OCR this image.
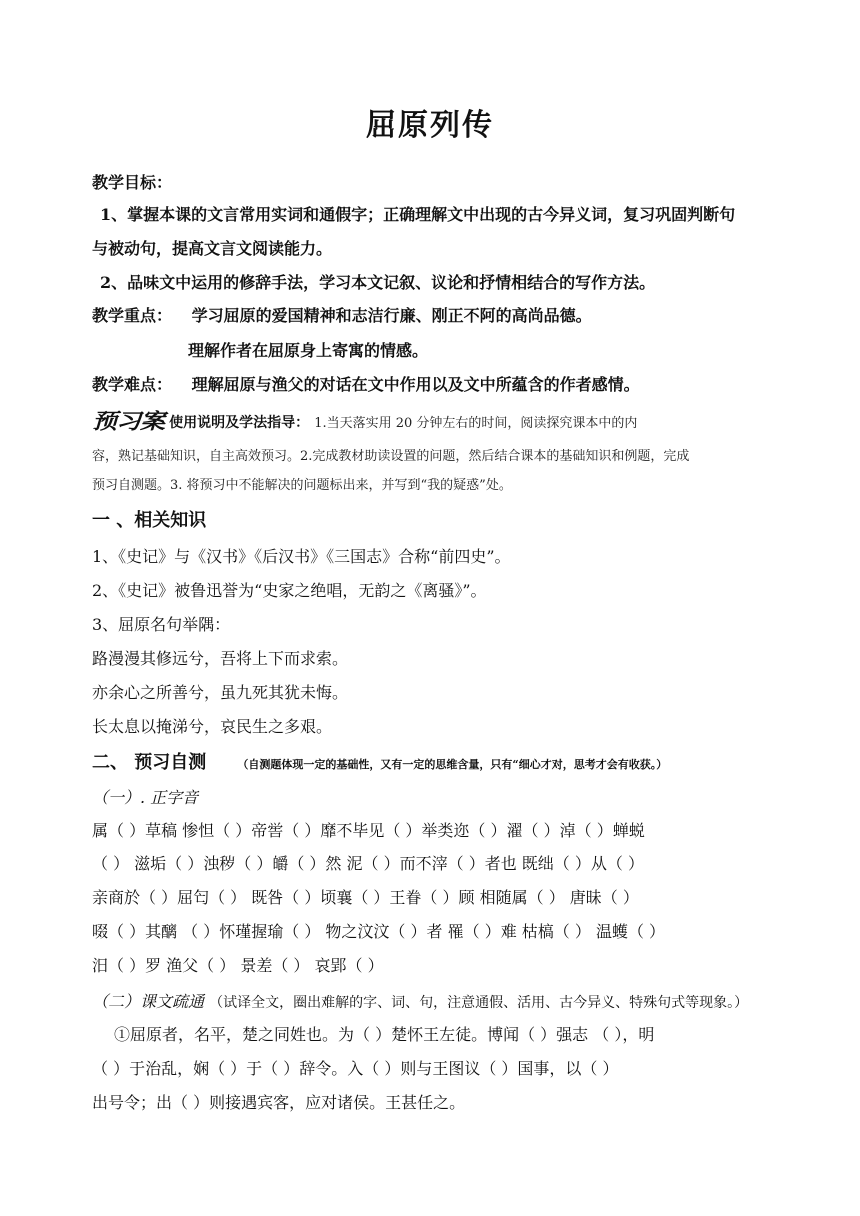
屈原列传
教学目标：
1、掌握本课的文言常用实词和通假字；正确理解文中出现的古今异义词，复习巩固判断句
与被动句，提高文言文阅读能力。
2、品味文中运用的修辞手法，学习本文记叙、议论和抒情相结合的写作方法。
教学重点： 学习屈原的爱国精神和志洁行廉、刚正不阿的高尚品德。
理解作者在屈原身上寄寓的情感。
教学难点： 理解屈原与渔父的对话在文中作用以及文中所蕴含的作者感情。
预习案 使用说明及学法指导： 1.当天落实用 20 分钟左右的时间，阅读探究课本中的内
容，熟记基础知识，自主高效预习。2.完成教材助读设置的问题，然后结合课本的基础知识和例题，完成
预习自测题。3. 将预习中不能解决的问题标出来，并写到“我的疑惑”处。
一 、相关知识
1、《史记》与《汉书》《后汉书》《三国志》合称“前四史”。
2、《史记》被鲁迅誉为“史家之绝唱，无韵之《离骚》”。
3、屈原名句举隅：
路漫漫其修远兮，吾将上下而求索。
亦余心之所善兮，虽九死其犹未悔。
长太息以掩涕兮，哀民生之多艰。
二、 预习自测	（自测题体现一定的基础性，又有一定的思维含量，只有“细心才对，思考才会有收获。）
（一）. 正字音
属（ ）草稿 惨怛（ ）帝喾（ ）靡不毕见（ ）举类迩（ ）濯（ ）淖（ ）蝉蜕
（ ） 滋垢（ ）浊秽（ ）皭（ ）然 泥（ ）而不滓（ ）者也 既绌（ ）从（ ）
亲商於（ ）屈匄（ ） 既咎（ ）顷襄（ ）王眷（ ）顾 相随属（ ） 唐昧（ ）
啜（ ）其醨 （ ）怀瑾握瑜（ ） 物之汶汶（ ）者 罹（ ）难 枯槁（ ） 温蠖（ ）
汨（ ）罗 渔父（ ） 景差（ ） 哀郢（ ）
（二）课文疏通 （试译全文，圈出难解的字、词、句，注意通假、活用、古今异义、特殊句式等现象。）
①屈原者，名平，楚之同姓也。为（ ）楚怀王左徒。博闻（ ）强志 （ ），明
（ ）于治乱，娴（ ）于（ ）辞令。入（ ）则与王图议（ ）国事，以（ ）
出号令；出（ ）则接遇宾客，应对诸侯。王甚任之。
